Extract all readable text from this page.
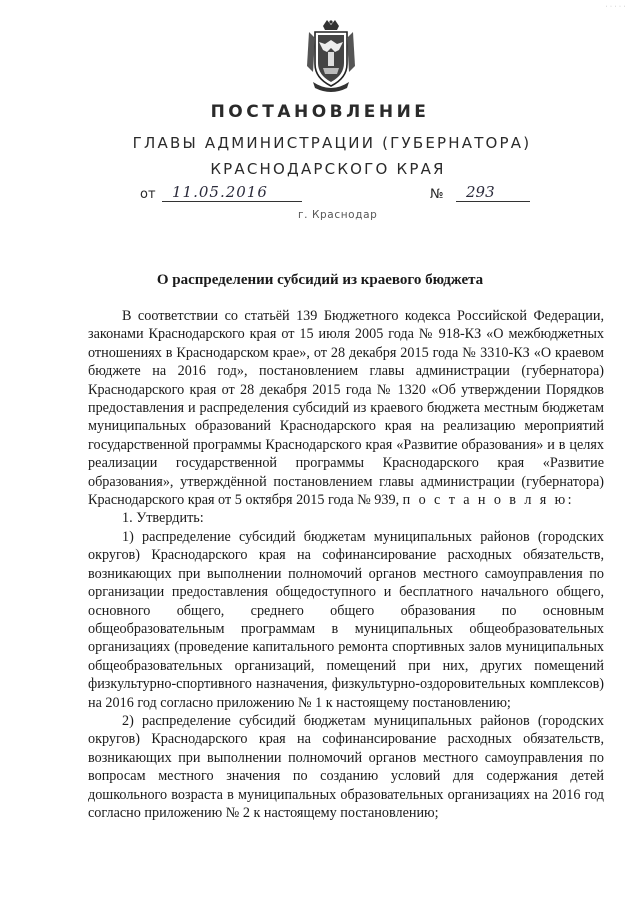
· · · · ·
ПОСТАНОВЛЕНИЕ
ГЛАВЫ АДМИНИСТРАЦИИ (ГУБЕРНАТОРА)
КРАСНОДАРСКОГО КРАЯ
от 11.05.2016	№ 293
г. Краснодар
О распределении субсидий из краевого бюджета

В соответствии со статьёй 139 Бюджетного кодекса Российской Федерации, законами Краснодарского края от 15 июля 2005 года № 918-КЗ «О межбюджетных отношениях в Краснодарском крае», от 28 декабря 2015 года № 3310-КЗ «О краевом бюджете на 2016 год», постановлением главы администрации (губернатора) Краснодарского края от 28 декабря 2015 года № 1320 «Об утверждении Порядков предоставления и распределения субсидий из краевого бюджета местным бюджетам муниципальных образований Краснодарского края на реализацию мероприятий государственной программы Краснодарского края «Развитие образования» и в целях реализации государственной программы Краснодарского края «Развитие образования», утверждённой постановлением главы администрации (губернатора) Краснодарского края от 5 октября 2015 года № 939, п о с т а н о в л я ю:

1. Утвердить:

1) распределение субсидий бюджетам муниципальных районов (городских округов) Краснодарского края на софинансирование расходных обязательств, возникающих при выполнении полномочий органов местного самоуправления по организации предоставления общедоступного и бесплатного начального общего, основного общего, среднего общего образования по основным общеобразовательным программам в муниципальных общеобразовательных организациях (проведение капитального ремонта спортивных залов муниципальных общеобразовательных организаций, помещений при них, других помещений физкультурно-спортивного назначения, физкультурно-оздоровительных комплексов) на 2016 год согласно приложению № 1 к настоящему постановлению;

2) распределение субсидий бюджетам муниципальных районов (городских округов) Краснодарского края на софинансирование расходных обязательств, возникающих при выполнении полномочий органов местного самоуправления по вопросам местного значения по созданию условий для содержания детей дошкольного возраста в муниципальных образовательных организациях на 2016 год согласно приложению № 2 к настоящему постановлению;
